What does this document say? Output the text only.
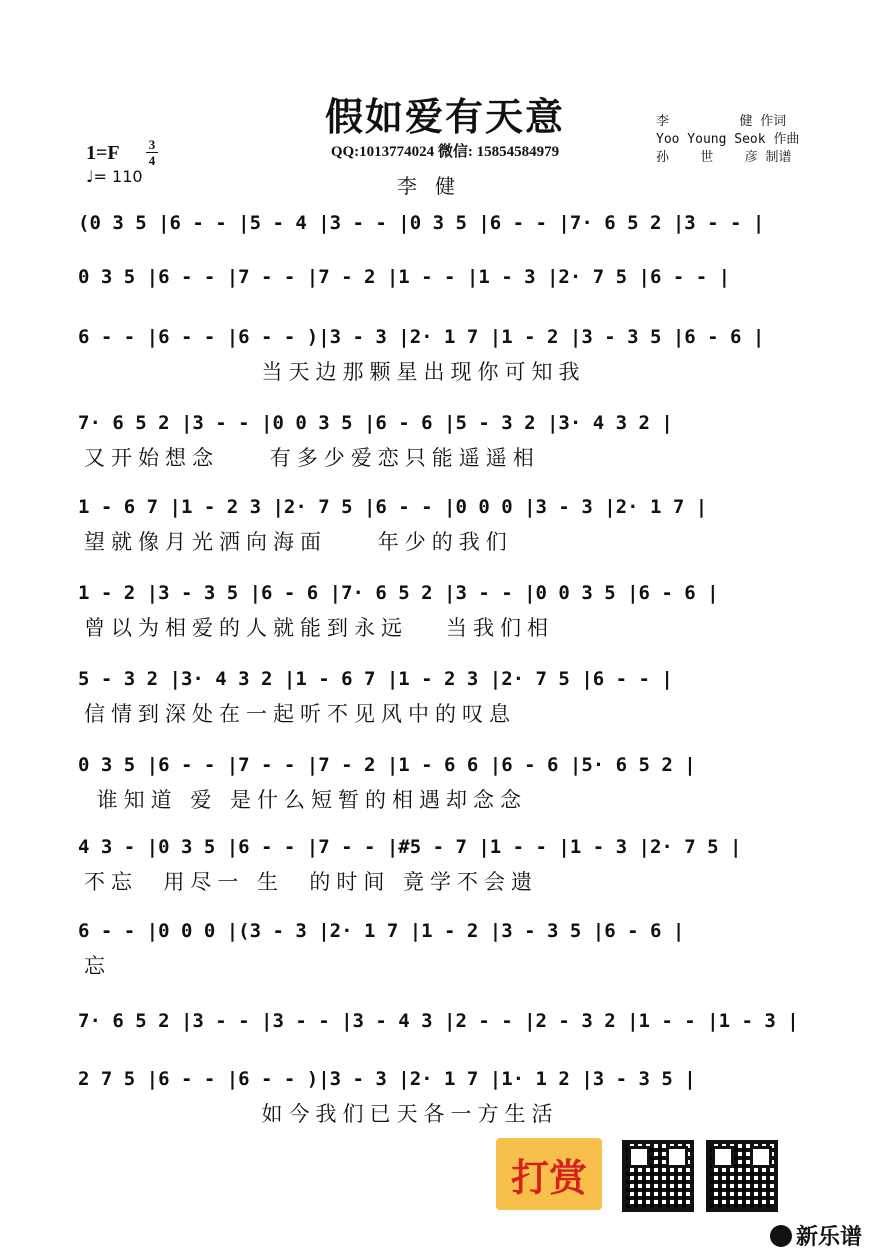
假如爱有天意
QQ:1013774024 微信: 15854584979
1=F 3
4
♩= 110	李健
李         健 作词
Yoo Young Seok 作曲
孙    世    彦 制谱
(0 3 5 |6 - - |5 - 4 |3 - - |0 3 5 |6 - - |7· 6 5 2 |3 - - |
0 3 5 |6 - - |7 - - |7 - 2 |1 - - |1 - 3 |2· 7 5 |6 - - |
6 - - |6 - - |6 - - )|3 - 3 |2· 1 7 |1 - 2 |3 - 3 5 |6 - 6 |
当天边那颗星出现你可知我
7· 6 5 2 |3 - - |0 0 3 5 |6 - 6 |5 - 3 2 |3· 4 3 2 |
又开始想念    有多少爱恋只能遥遥相
1 - 6 7 |1 - 2 3 |2· 7 5 |6 - - |0 0 0 |3 - 3 |2· 1 7 |
望就像月光洒向海面    年少的我们
1 - 2 |3 - 3 5 |6 - 6 |7· 6 5 2 |3 - - |0 0 3 5 |6 - 6 |
曾以为相爱的人就能到永远   当我们相
5 - 3 2 |3· 4 3 2 |1 - 6 7 |1 - 2 3 |2· 7 5 |6 - - |
信情到深处在一起听不见风中的叹息
0 3 5 |6 - - |7 - - |7 - 2 |1 - 6 6 |6 - 6 |5· 6 5 2 |
谁知道 爱 是什么短暂的相遇却念念
4 3 - |0 3 5 |6 - - |7 - - |#5 - 7 |1 - - |1 - 3 |2· 7 5 |
不忘  用尽一 生  的时间 竟学不会遗
6 - - |0 0 0 |(3 - 3 |2· 1 7 |1 - 2 |3 - 3 5 |6 - 6 |
忘
7· 6 5 2 |3 - - |3 - - |3 - 4 3 |2 - - |2 - 3 2 |1 - - |1 - 3 |
2 7 5 |6 - - |6 - - )|3 - 3 |2· 1 7 |1· 1 2 |3 - 3 5 |
如今我们已天各一方生活
打赏
新乐谱
